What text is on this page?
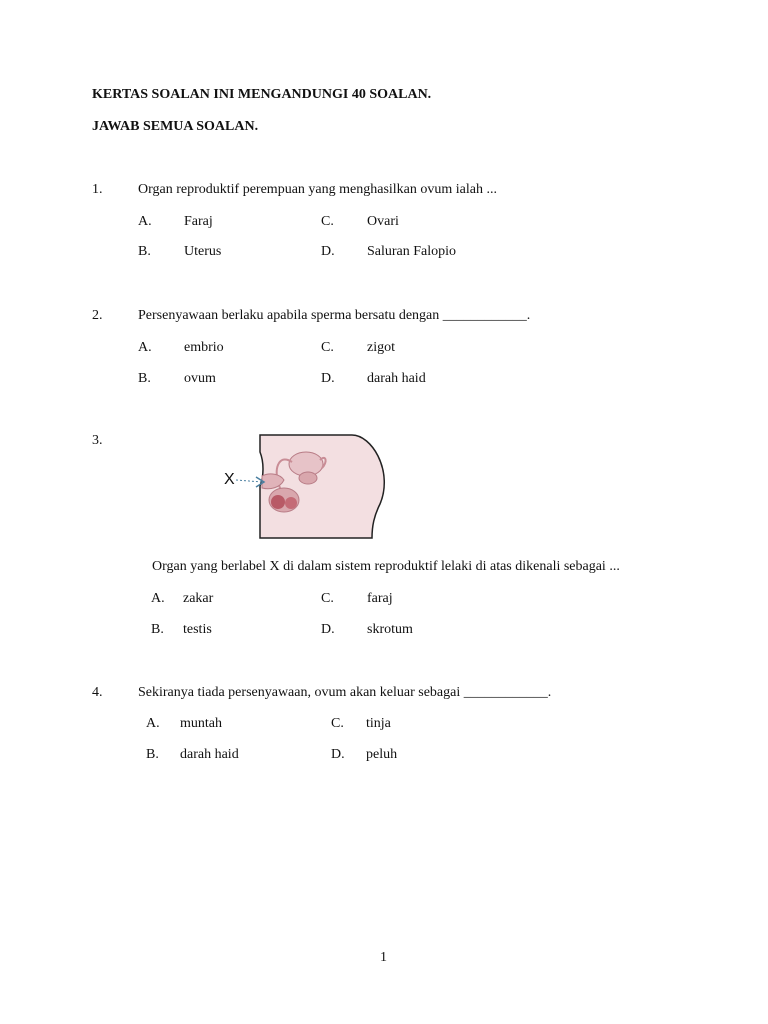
KERTAS SOALAN INI MENGANDUNGI 40 SOALAN.
JAWAB SEMUA SOALAN.
1.	Organ reproduktif perempuan yang menghasilkan ovum ialah ...
A. Faraj	C. Ovari
B. Uterus	D. Saluran Falopio
2.	Persenyawaan berlaku apabila sperma bersatu dengan ____________.
A. embrio	C. zigot
B. ovum	D. darah haid
3.
X
Organ yang berlabel X di dalam sistem reproduktif lelaki di atas dikenali sebagai ...
A. zakar	C. faraj
B. testis	D. skrotum
4.	Sekiranya tiada persenyawaan, ovum akan keluar sebagai ____________.
A. muntah	C. tinja
B. darah haid	D. peluh
1
